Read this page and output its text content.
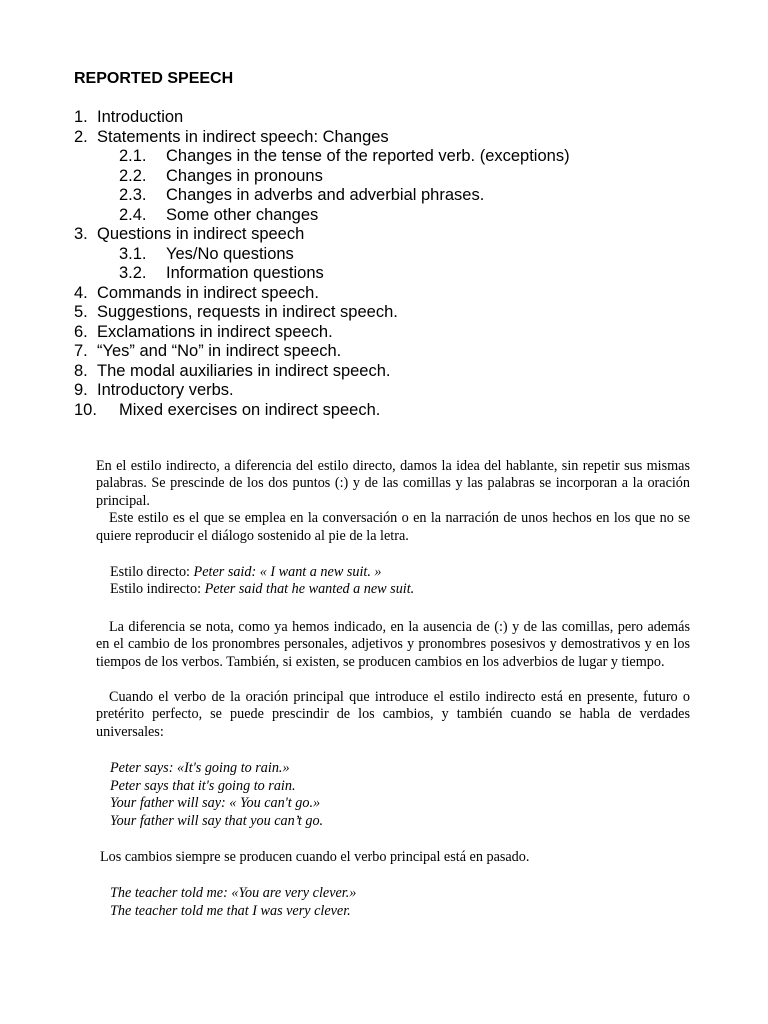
REPORTED SPEECH
1. Introduction
2. Statements in indirect speech: Changes
2.1. Changes in the tense of the reported verb. (exceptions)
2.2. Changes in pronouns
2.3. Changes in adverbs and adverbial phrases.
2.4. Some other changes
3. Questions in indirect speech
3.1. Yes/No questions
3.2. Information questions
4. Commands in indirect speech.
5. Suggestions, requests in indirect speech.
6. Exclamations in indirect speech.
7. “Yes” and “No” in indirect speech.
8. The modal auxiliaries in indirect speech.
9. Introductory verbs.
10. Mixed exercises on indirect speech.

En el estilo indirecto, a diferencia del estilo directo, damos la idea del hablante, sin repetir sus mismas palabras. Se prescinde de los dos puntos (:) y de las comillas y las palabras se incorporan a la oración principal.

Este estilo es el que se emplea en la conversación o en la narración de unos hechos en los que no se quiere reproducir el diálogo sostenido al pie de la letra.

Estilo directo: Peter said: « I want a new suit. »
Estilo indirecto: Peter said that he wanted a new suit.

La diferencia se nota, como ya hemos indicado, en la ausencia de (:) y de las comillas, pero además en el cambio de los pronombres personales, adjetivos y pronombres posesivos y demostrativos y en los tiempos de los verbos. También, si existen, se producen cambios en los adverbios de lugar y tiempo.

Cuando el verbo de la oración principal que introduce el estilo indirecto está en presente, futuro o pretérito perfecto, se puede prescindir de los cambios, y también cuando se habla de verdades universales:

Peter says: «It's going to rain.»
Peter says that it's going to rain.
Your father will say: « You can't go.»
Your father will say that you can’t go.

Los cambios siempre se producen cuando el verbo principal está en pasado.

The teacher told me: «You are very clever.»
The teacher told me that I was very clever.
